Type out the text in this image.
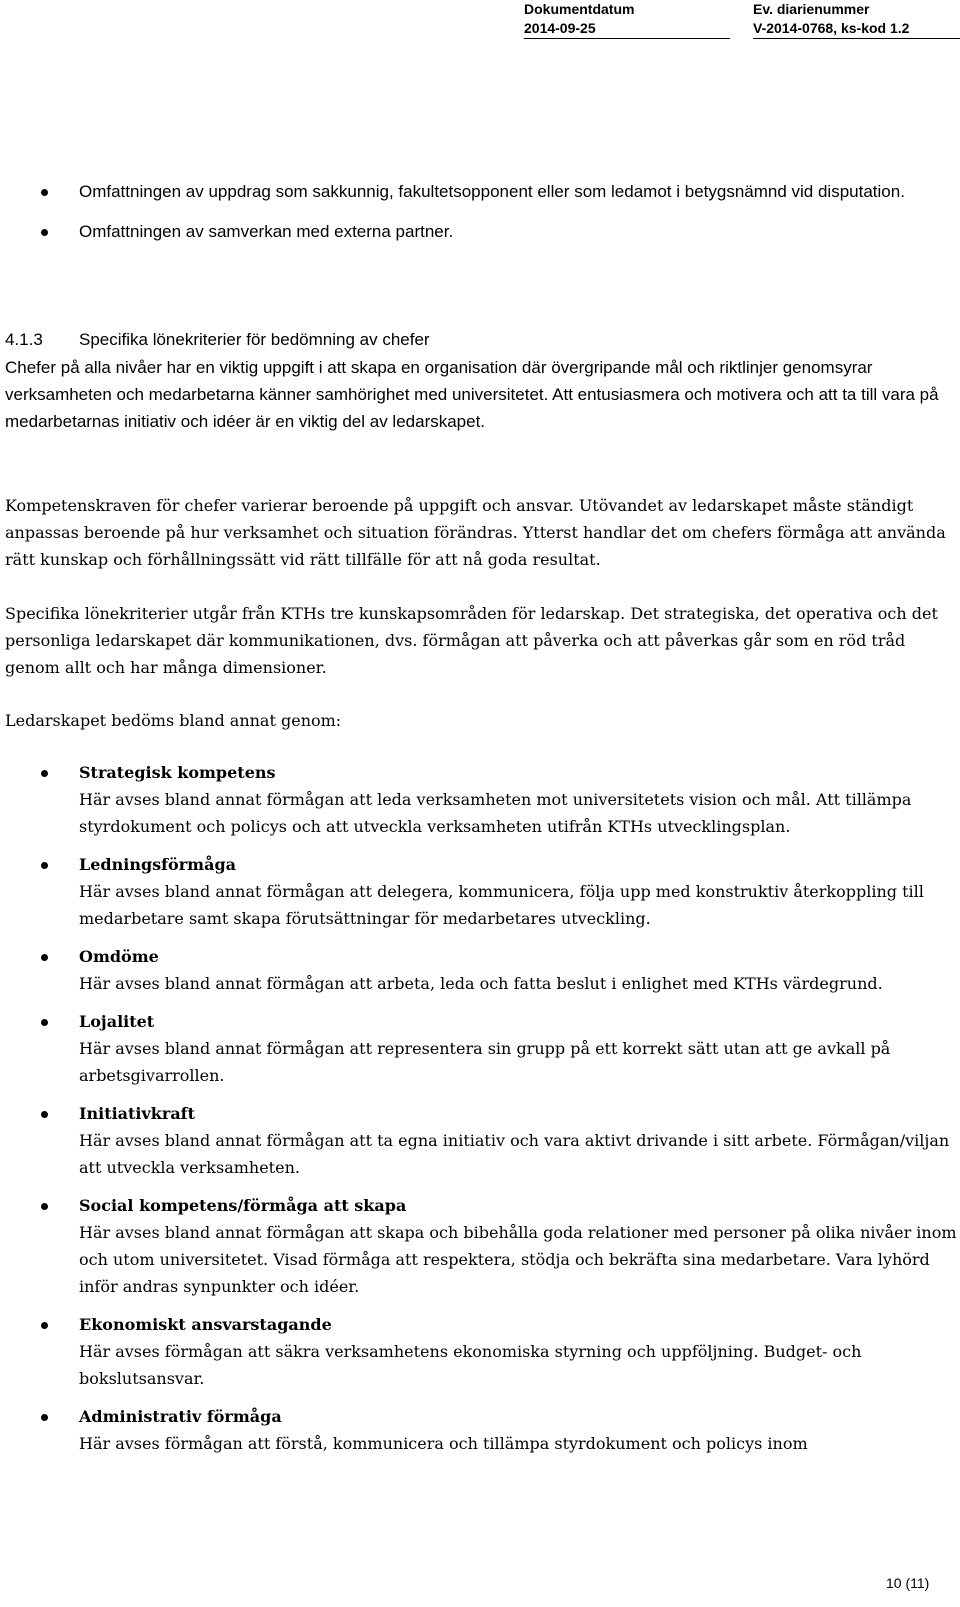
Dokumentdatum
2014-09-25
Ev. diarienummer
V-2014-0768, ks-kod 1.2
Omfattningen av uppdrag som sakkunnig, fakultetsopponent eller som ledamot i betygsnämnd vid disputation.
Omfattningen av samverkan med externa partner.
4.1.3 Specifika lönekriterier för bedömning av chefer

Chefer på alla nivåer har en viktig uppgift i att skapa en organisation där övergripande mål och riktlinjer genomsyrar verksamheten och medarbetarna känner samhörighet med universitetet. Att entusiasmera och motivera och att ta till vara på medarbetarnas initiativ och idéer är en viktig del av ledarskapet.

Kompetenskraven för chefer varierar beroende på uppgift och ansvar. Utövandet av ledarskapet måste ständigt anpassas beroende på hur verksamhet och situation förändras. Ytterst handlar det om chefers förmåga att använda rätt kunskap och förhållningssätt vid rätt tillfälle för att nå goda resultat.

Specifika lönekriterier utgår från KTHs tre kunskapsområden för ledarskap. Det strategiska, det operativa och det personliga ledarskapet där kommunikationen, dvs. förmågan att påverka och att påverkas går som en röd tråd genom allt och har många dimensioner.

Ledarskapet bedöms bland annat genom:

Strategisk kompetens
Här avses bland annat förmågan att leda verksamheten mot universitetets vision och mål. Att tillämpa styrdokument och policys och att utveckla verksamheten utifrån KTHs utvecklingsplan.
Ledningsförmåga
Här avses bland annat förmågan att delegera, kommunicera, följa upp med konstruktiv återkoppling till medarbetare samt skapa förutsättningar för medarbetares utveckling.
Omdöme
Här avses bland annat förmågan att arbeta, leda och fatta beslut i enlighet med KTHs värdegrund.
Lojalitet
Här avses bland annat förmågan att representera sin grupp på ett korrekt sätt utan att ge avkall på arbetsgivarrollen.
Initiativkraft
Här avses bland annat förmågan att ta egna initiativ och vara aktivt drivande i sitt arbete. Förmågan/viljan att utveckla verksamheten.
Social kompetens/förmåga att skapa
Här avses bland annat förmågan att skapa och bibehålla goda relationer med personer på olika nivåer inom och utom universitetet. Visad förmåga att respektera, stödja och bekräfta sina medarbetare. Vara lyhörd inför andras synpunkter och idéer.
Ekonomiskt ansvarstagande
Här avses förmågan att säkra verksamhetens ekonomiska styrning och uppföljning. Budget- och bokslutsansvar.
Administrativ förmåga
Här avses förmågan att förstå, kommunicera och tillämpa styrdokument och policys inom
10 (11)
